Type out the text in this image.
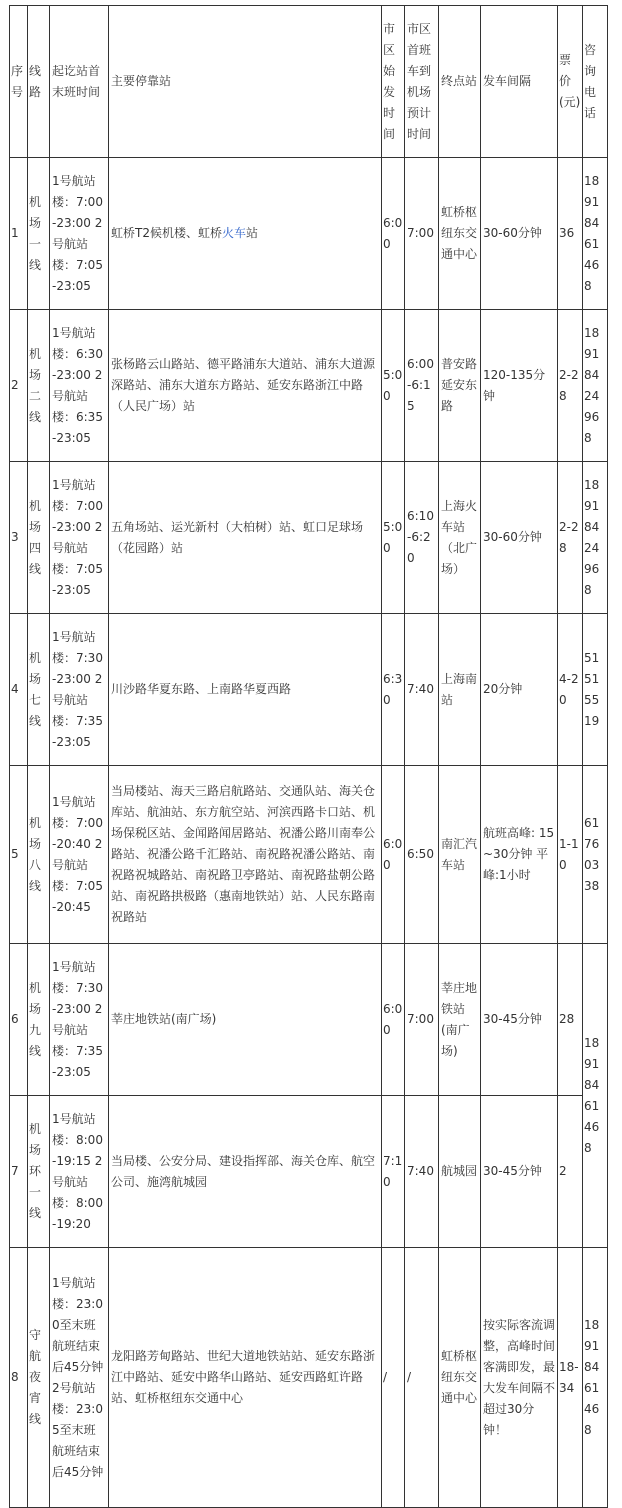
序号	线路	起讫站首末班时间	主要停靠站	市区始发时间	市区首班车到机场预计时间	终点站	发车间隔	票价(元)	咨询电话
1	机场一线	1号航站楼：7:00-23:00 2号航站楼：7:05-23:05	虹桥T2候机楼、虹桥火车站	6:00	7:00	虹桥枢纽东交通中心	30-60分钟	36	18918461468
2	机场二线	1号航站楼：6:30-23:00 2号航站楼：6:35-23:05	张杨路云山路站、德平路浦东大道站、浦东大道源深路站、浦东大道东方路站、延安东路浙江中路（人民广场）站	5:00	6:00-6:15	普安路延安东路	120-135分钟	2-28	18918424968
3	机场四线	1号航站楼：7:00-23:00 2号航站楼：7:05-23:05	五角场站、运光新村（大柏树）站、虹口足球场（花园路）站	5:00	6:10-6:20	上海火车站（北广场）	30-60分钟	2-28	18918424968
4	机场七线	1号航站楼：7:30-23:00 2号航站楼：7:35-23:05	川沙路华夏东路、上南路华夏西路	6:30	7:40	上海南站	20分钟	4-20	51515519
5	机场八线	1号航站楼：7:00-20:40 2号航站楼：7:05-20:45	当局楼站、海天三路启航路站、交通队站、海关仓库站、航油站、东方航空站、河滨西路卡口站、机场保税区站、金闻路闻居路站、祝潘公路川南奉公路站、祝潘公路千汇路站、南祝路祝潘公路站、南祝路祝城路站、南祝路卫亭路站、南祝路盐朝公路站、南祝路拱极路（惠南地铁站）站、人民东路南祝路站	6:00	6:50	南汇汽车站	航班高峰: 15~30分钟 平峰:1小时	1-10	61760338
6	机场九线	1号航站楼：7:30-23:00 2号航站楼：7:35-23:05	莘庄地铁站(南广场)	6:00	7:00	莘庄地铁站(南广场)	30-45分钟	28	18918461468
7	机场环一线	1号航站楼：8:00-19:15 2号航站楼：8:00-19:20	当局楼、公安分局、建设指挥部、海关仓库、航空公司、施湾航城园	7:10	7:40	航城园	30-45分钟	2	
8	守航夜宵线	1号航站楼：23:00至末班航班结束后45分钟 2号航站楼：23:05至末班航班结束后45分钟	龙阳路芳甸路站、世纪大道地铁站站、延安东路浙江中路站、延安中路华山路站、延安西路虹许路站、虹桥枢纽东交通中心	/	/	虹桥枢纽东交通中心	按实际客流调整，高峰时间客满即发，最大发车间隔不超过30分钟！	18-34	18918461468
